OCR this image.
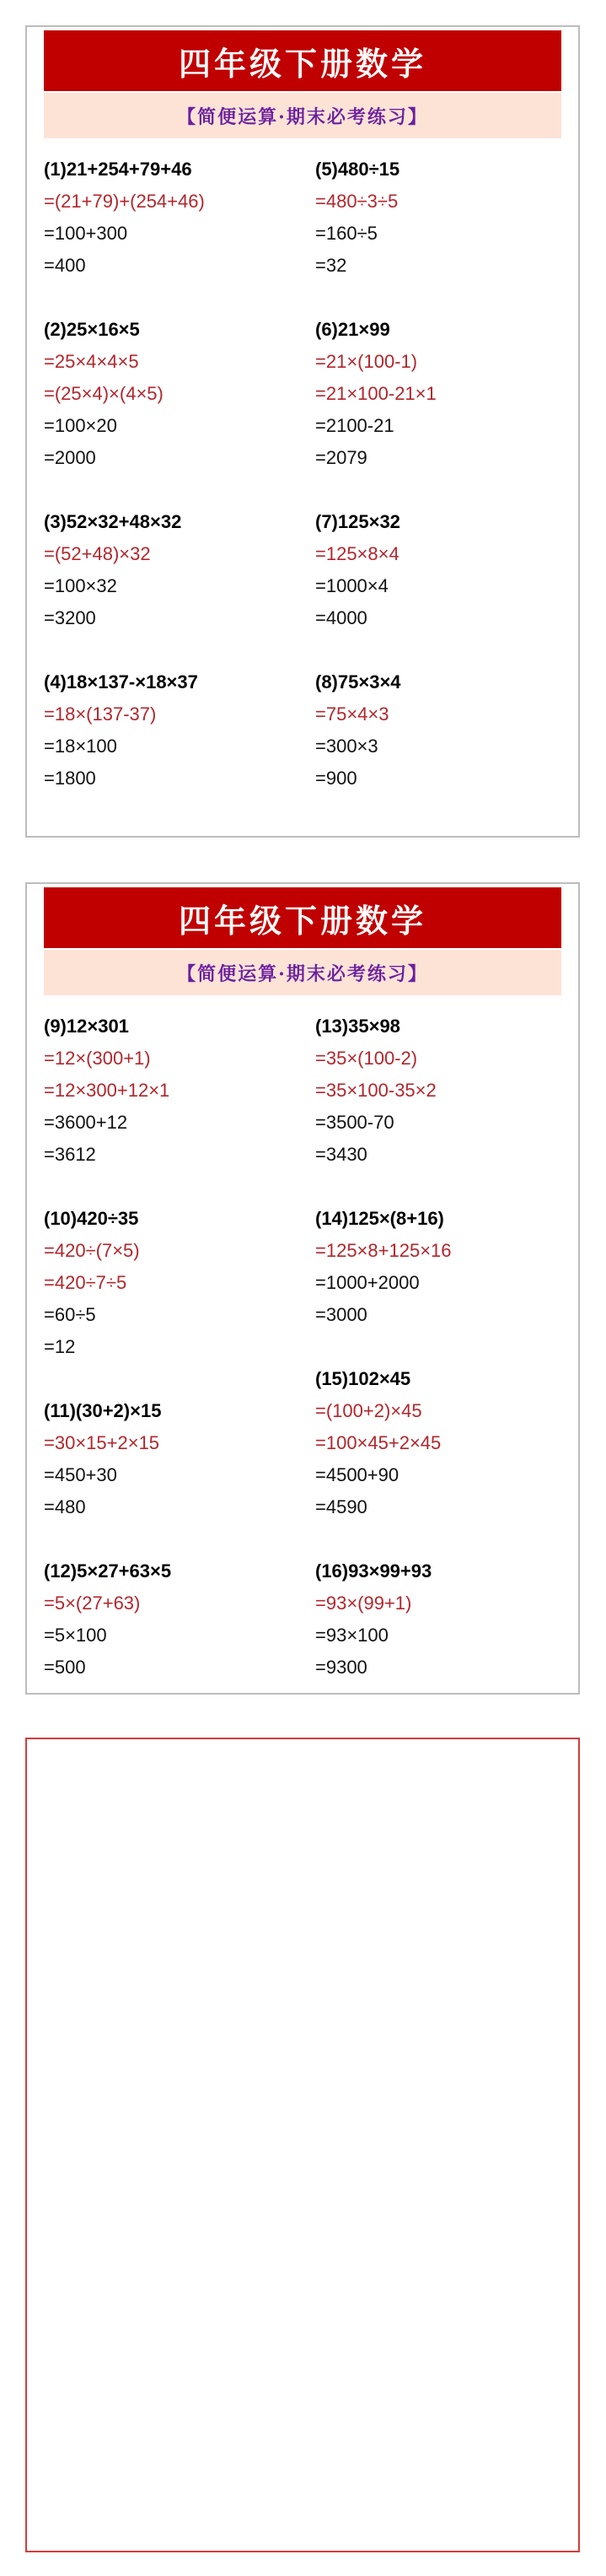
四年级下册数学
【简便运算·期末必考练习】
(1)21+254+79+46
=(21+79)+(254+46)
=100+300
=400
(2)25×16×5
=25×4×4×5
=(25×4)×(4×5)
=100×20
=2000
(3)52×32+48×32
=(52+48)×32
=100×32
=3200
(4)18×137-×18×37
=18×(137-37)
=18×100
=1800
(5)480÷15
=480÷3÷5
=160÷5
=32
(6)21×99
=21×(100-1)
=21×100-21×1
=2100-21
=2079
(7)125×32
=125×8×4
=1000×4
=4000
(8)75×3×4
=75×4×3
=300×3
=900
四年级下册数学
【简便运算·期末必考练习】
(9)12×301
=12×(300+1)
=12×300+12×1
=3600+12
=3612
(10)420÷35
=420÷(7×5)
=420÷7÷5
=60÷5
=12
(11)(30+2)×15
=30×15+2×15
=450+30
=480
(12)5×27+63×5
=5×(27+63)
=5×100
=500
(13)35×98
=35×(100-2)
=35×100-35×2
=3500-70
=3430
(14)125×(8+16)
=125×8+125×16
=1000+2000
=3000
(15)102×45
=(100+2)×45
=100×45+2×45
=4500+90
=4590
(16)93×99+93
=93×(99+1)
=93×100
=9300
